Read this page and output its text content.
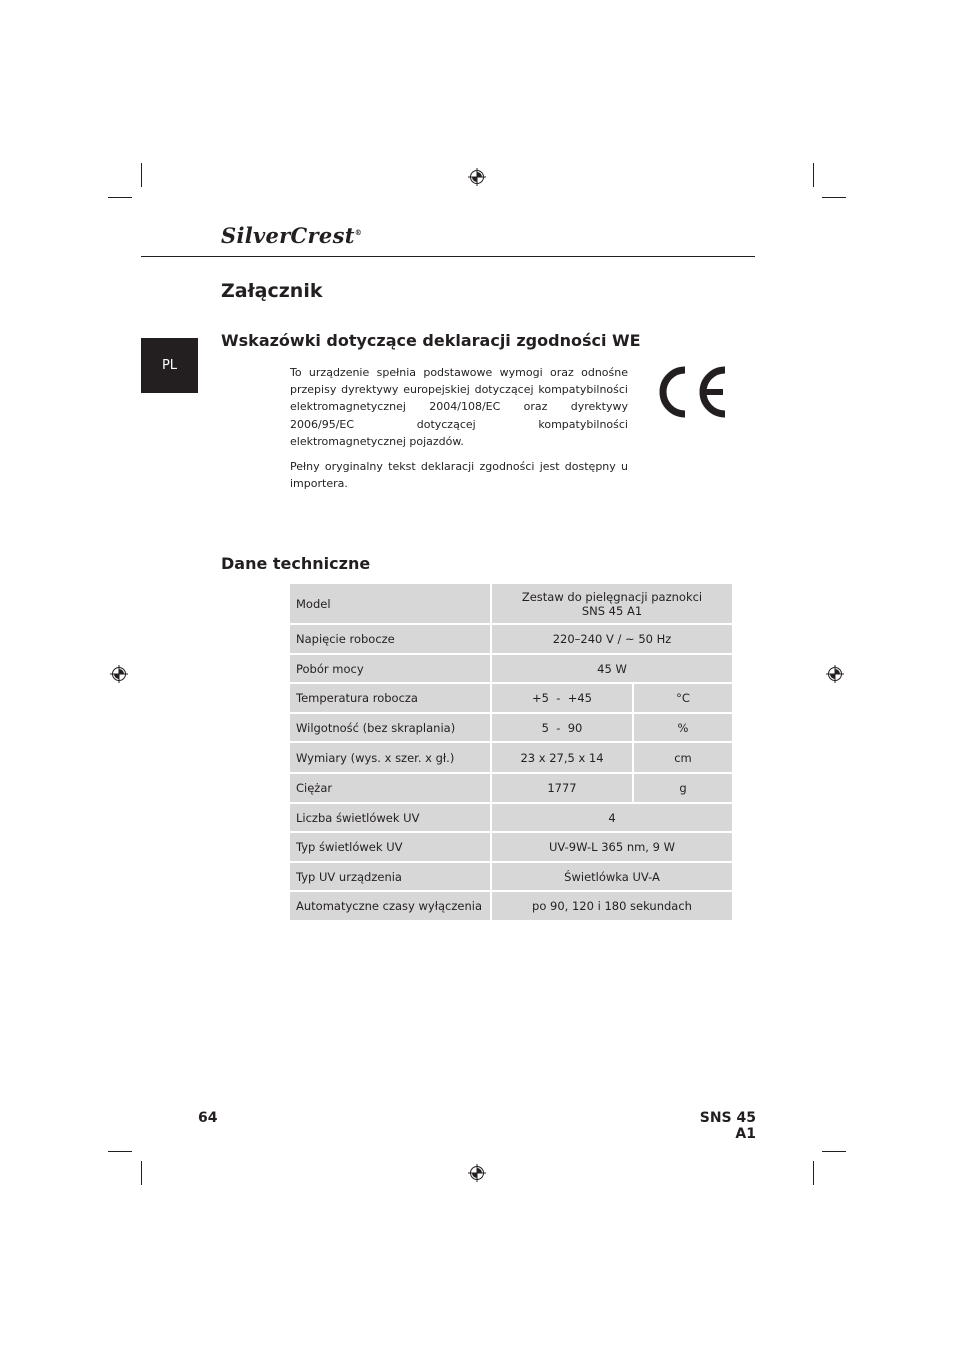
SilverCrest®
Załącznik
PL
Wskazówki dotyczące deklaracji zgodności WE
To urządzenie spełnia podstawowe wymogi oraz odnośne przepisy dyrektywy europejskiej dotyczącej kompatybilności elektromagnetycznej 2004/108/EC oraz dyrektywy 2006/95/EC dotyczącej kompatybilności elektromagnetycznej pojazdów.
Pełny oryginalny tekst deklaracji zgodności jest dostępny u importera.
Dane techniczne
Model	Zestaw do pielęgnacji paznokci
SNS 45 A1	
Napięcie robocze	220–240 V / ~ 50 Hz	
Pobór mocy	45 W	
Temperatura robocza	+5  -  +45	°C
Wilgotność (bez skraplania)	5  -  90	%
Wymiary (wys. x szer. x gł.)	23 x 27,5 x 14	cm
Ciężar	1777	g
Liczba świetlówek UV	4	
Typ świetlówek UV	UV-9W-L 365 nm, 9 W	
Typ UV urządzenia	Świetlówka UV-A	
Automatyczne czasy wyłączenia	po 90, 120 i 180 sekundach	
64	SNS 45 A1
